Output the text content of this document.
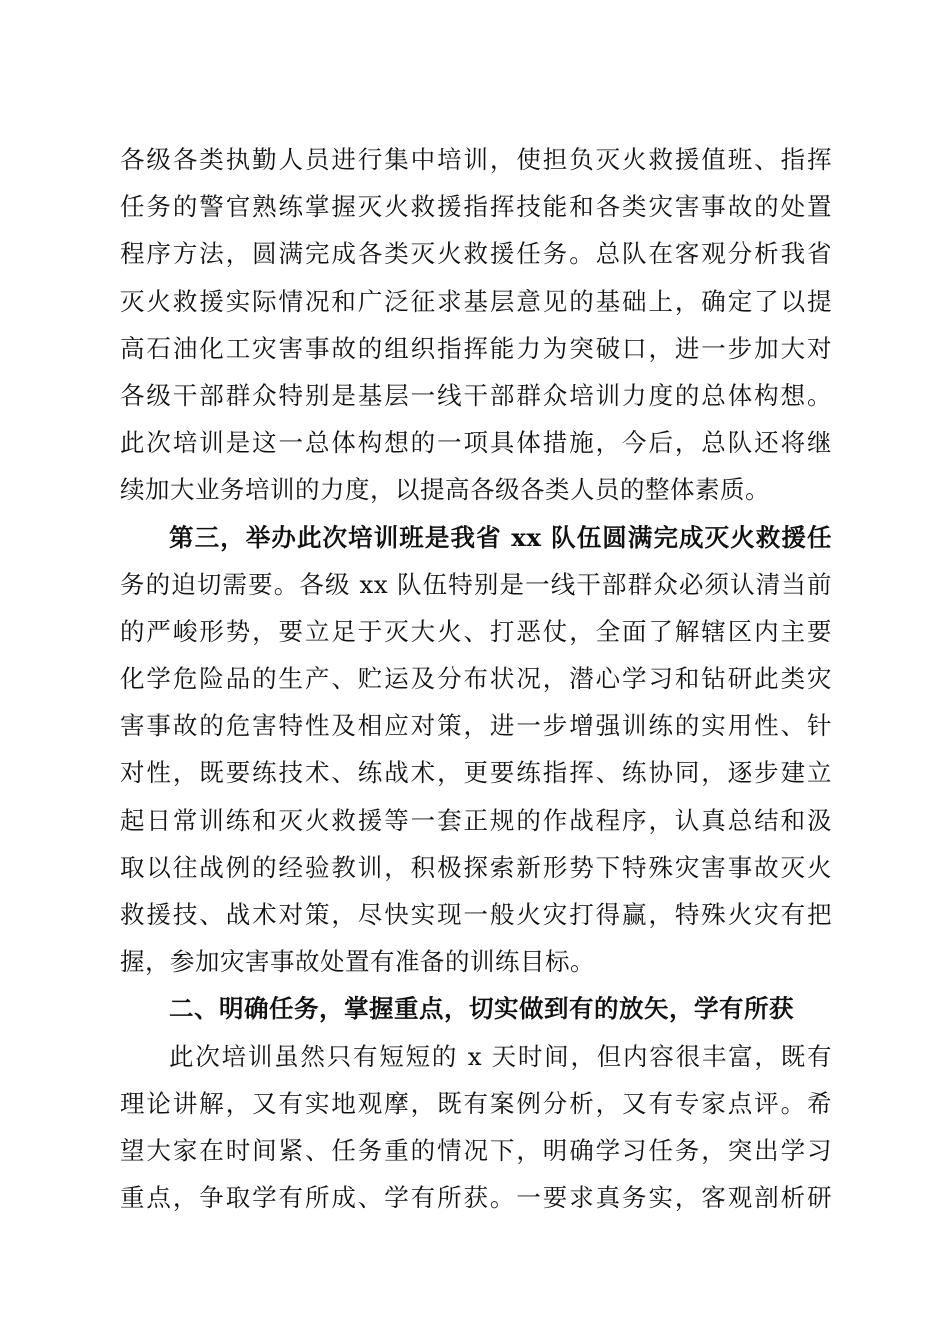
各级各类执勤人员进行集中培训，使担负灭火救援值班、指挥
任务的警官熟练掌握灭火救援指挥技能和各类灾害事故的处置
程序方法，圆满完成各类灭火救援任务。总队在客观分析我省
灭火救援实际情况和广泛征求基层意见的基础上，确定了以提
高石油化工灾害事故的组织指挥能力为突破口，进一步加大对
各级干部群众特别是基层一线干部群众培训力度的总体构想。
此次培训是这一总体构想的一项具体措施，今后，总队还将继
续加大业务培训的力度，以提高各级各类人员的整体素质。
第三，举办此次培训班是我省 xx 队伍圆满完成灭火救援任
务的迫切需要。各级 xx 队伍特别是一线干部群众必须认清当前
的严峻形势，要立足于灭大火、打恶仗，全面了解辖区内主要
化学危险品的生产、贮运及分布状况，潜心学习和钻研此类灾
害事故的危害特性及相应对策，进一步增强训练的实用性、针
对性，既要练技术、练战术，更要练指挥、练协同，逐步建立
起日常训练和灭火救援等一套正规的作战程序，认真总结和汲
取以往战例的经验教训，积极探索新形势下特殊灾害事故灭火
救援技、战术对策，尽快实现一般火灾打得赢，特殊火灾有把
握，参加灾害事故处置有准备的训练目标。
二、明确任务，掌握重点，切实做到有的放矢，学有所获
此次培训虽然只有短短的 x 天时间，但内容很丰富，既有
理论讲解，又有实地观摩，既有案例分析，又有专家点评。希
望大家在时间紧、任务重的情况下，明确学习任务，突出学习
重点，争取学有所成、学有所获。一要求真务实，客观剖析研
